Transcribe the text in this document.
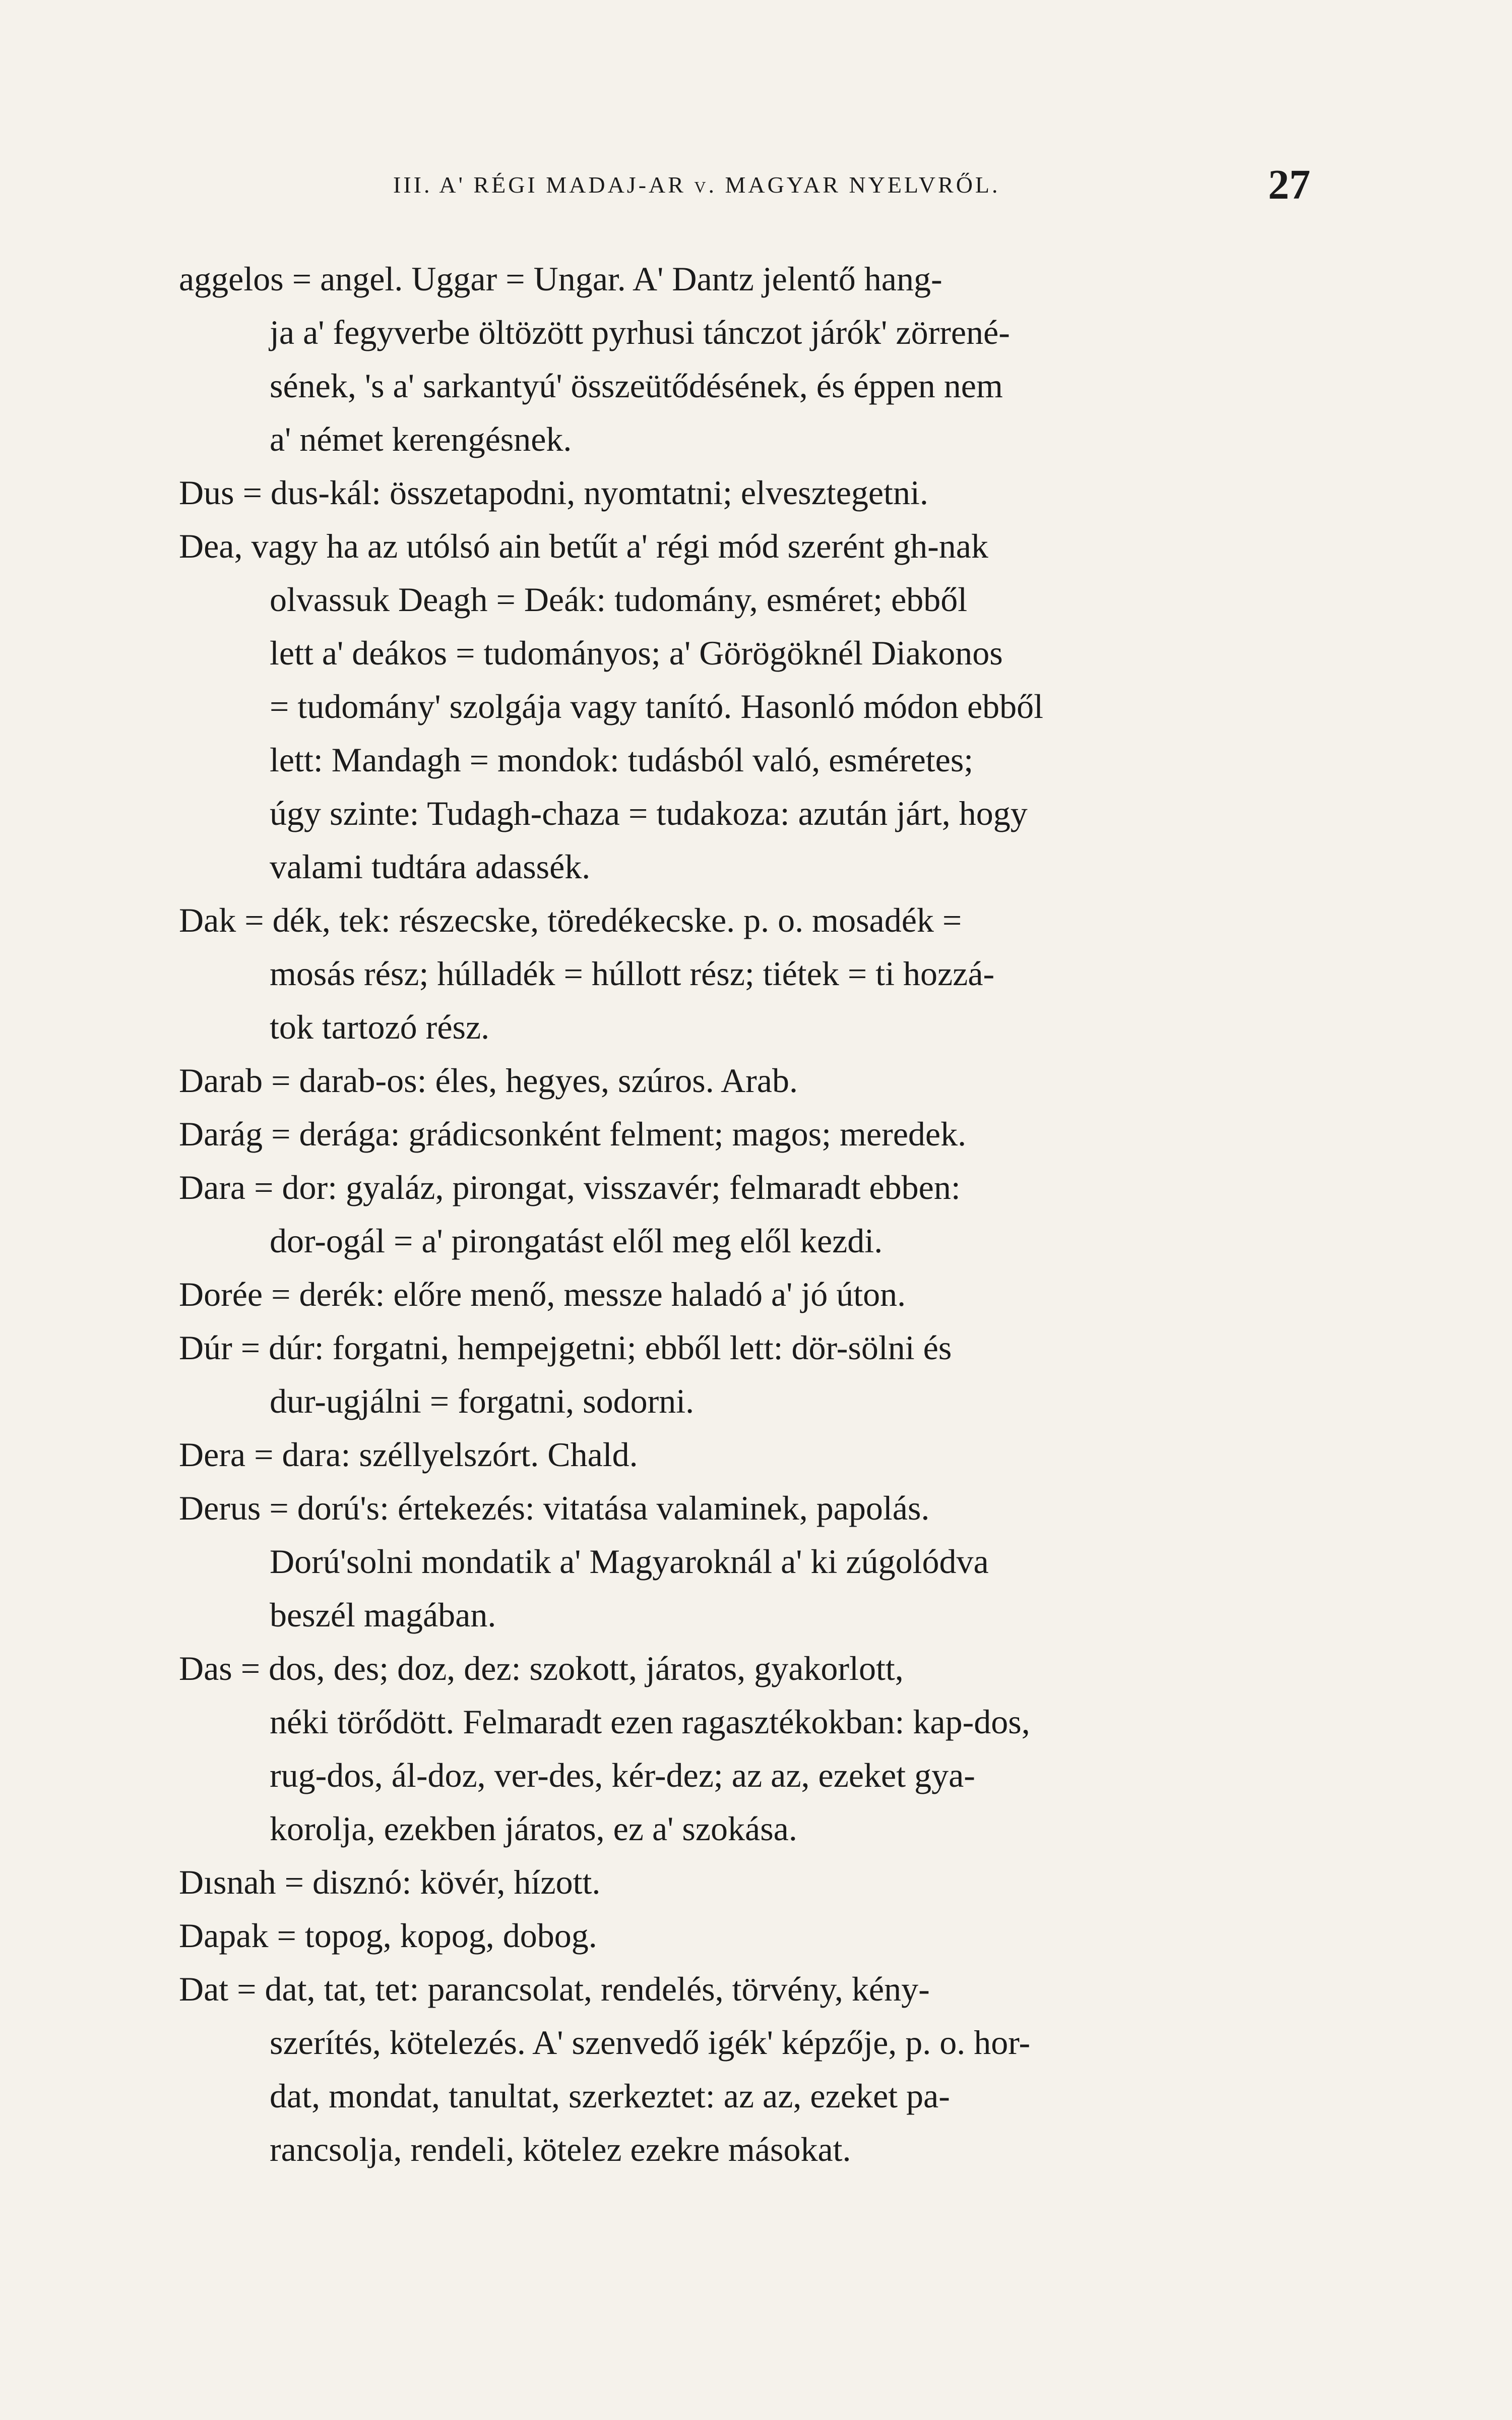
III. A' RÉGI MADAJ-AR v. MAGYAR NYELVRŐL.	27
aggelos = angel. Uggar = Ungar. A' Dantz jelentő hang-
ja a' fegyverbe öltözött pyrhusi tánczot járók' zörrené-
sének, 's a' sarkantyú' összeütődésének, és éppen nem
a' német kerengésnek.
Dus = dus-kál: összetapodni, nyomtatni; elvesztegetni.
Dea, vagy ha az utólsó ain betűt a' régi mód szerént gh-nak
olvassuk Deagh = Deák: tudomány, esméret; ebből
lett a' deákos = tudományos; a' Görögöknél Diakonos
= tudomány' szolgája vagy tanító. Hasonló módon ebből
lett: Mandagh = mondok: tudásból való, esméretes;
úgy szinte: Tudagh-chaza = tudakoza: azután járt, hogy
valami tudtára adassék.
Dak = dék, tek: részecske, töredékecske. p. o. mosadék =
mosás rész; húlladék = húllott rész; tiétek = ti hozzá-
tok tartozó rész.
Darab = darab-os: éles, hegyes, szúros. Arab.
Darág = derága: grádicsonként felment; magos; meredek.
Dara = dor: gyaláz, pirongat, visszavér; felmaradt ebben:
dor-ogál = a' pirongatást elől meg elől kezdi.
Dorée = derék: előre menő, messze haladó a' jó úton.
Dúr = dúr: forgatni, hempejgetni; ebből lett: dör-sölni és
dur-ugjálni = forgatni, sodorni.
Dera = dara: széllyelszórt. Chald.
Derus = dorú's: értekezés: vitatása valaminek, papolás.
Dorú'solni mondatik a' Magyaroknál a' ki zúgolódva
beszél magában.
Das = dos, des; doz, dez: szokott, járatos, gyakorlott,
néki törődött. Felmaradt ezen ragasztékokban: kap-dos,
rug-dos, ál-doz, ver-des, kér-dez; az az, ezeket gya-
korolja, ezekben járatos, ez a' szokása.
Dısnah = disznó: kövér, hízott.
Dapak = topog, kopog, dobog.
Dat = dat, tat, tet: parancsolat, rendelés, törvény, kény-
szerítés, kötelezés. A' szenvedő igék' képzője, p. o. hor-
dat, mondat, tanultat, szerkeztet: az az, ezeket pa-
rancsolja, rendeli, kötelez ezekre másokat.
